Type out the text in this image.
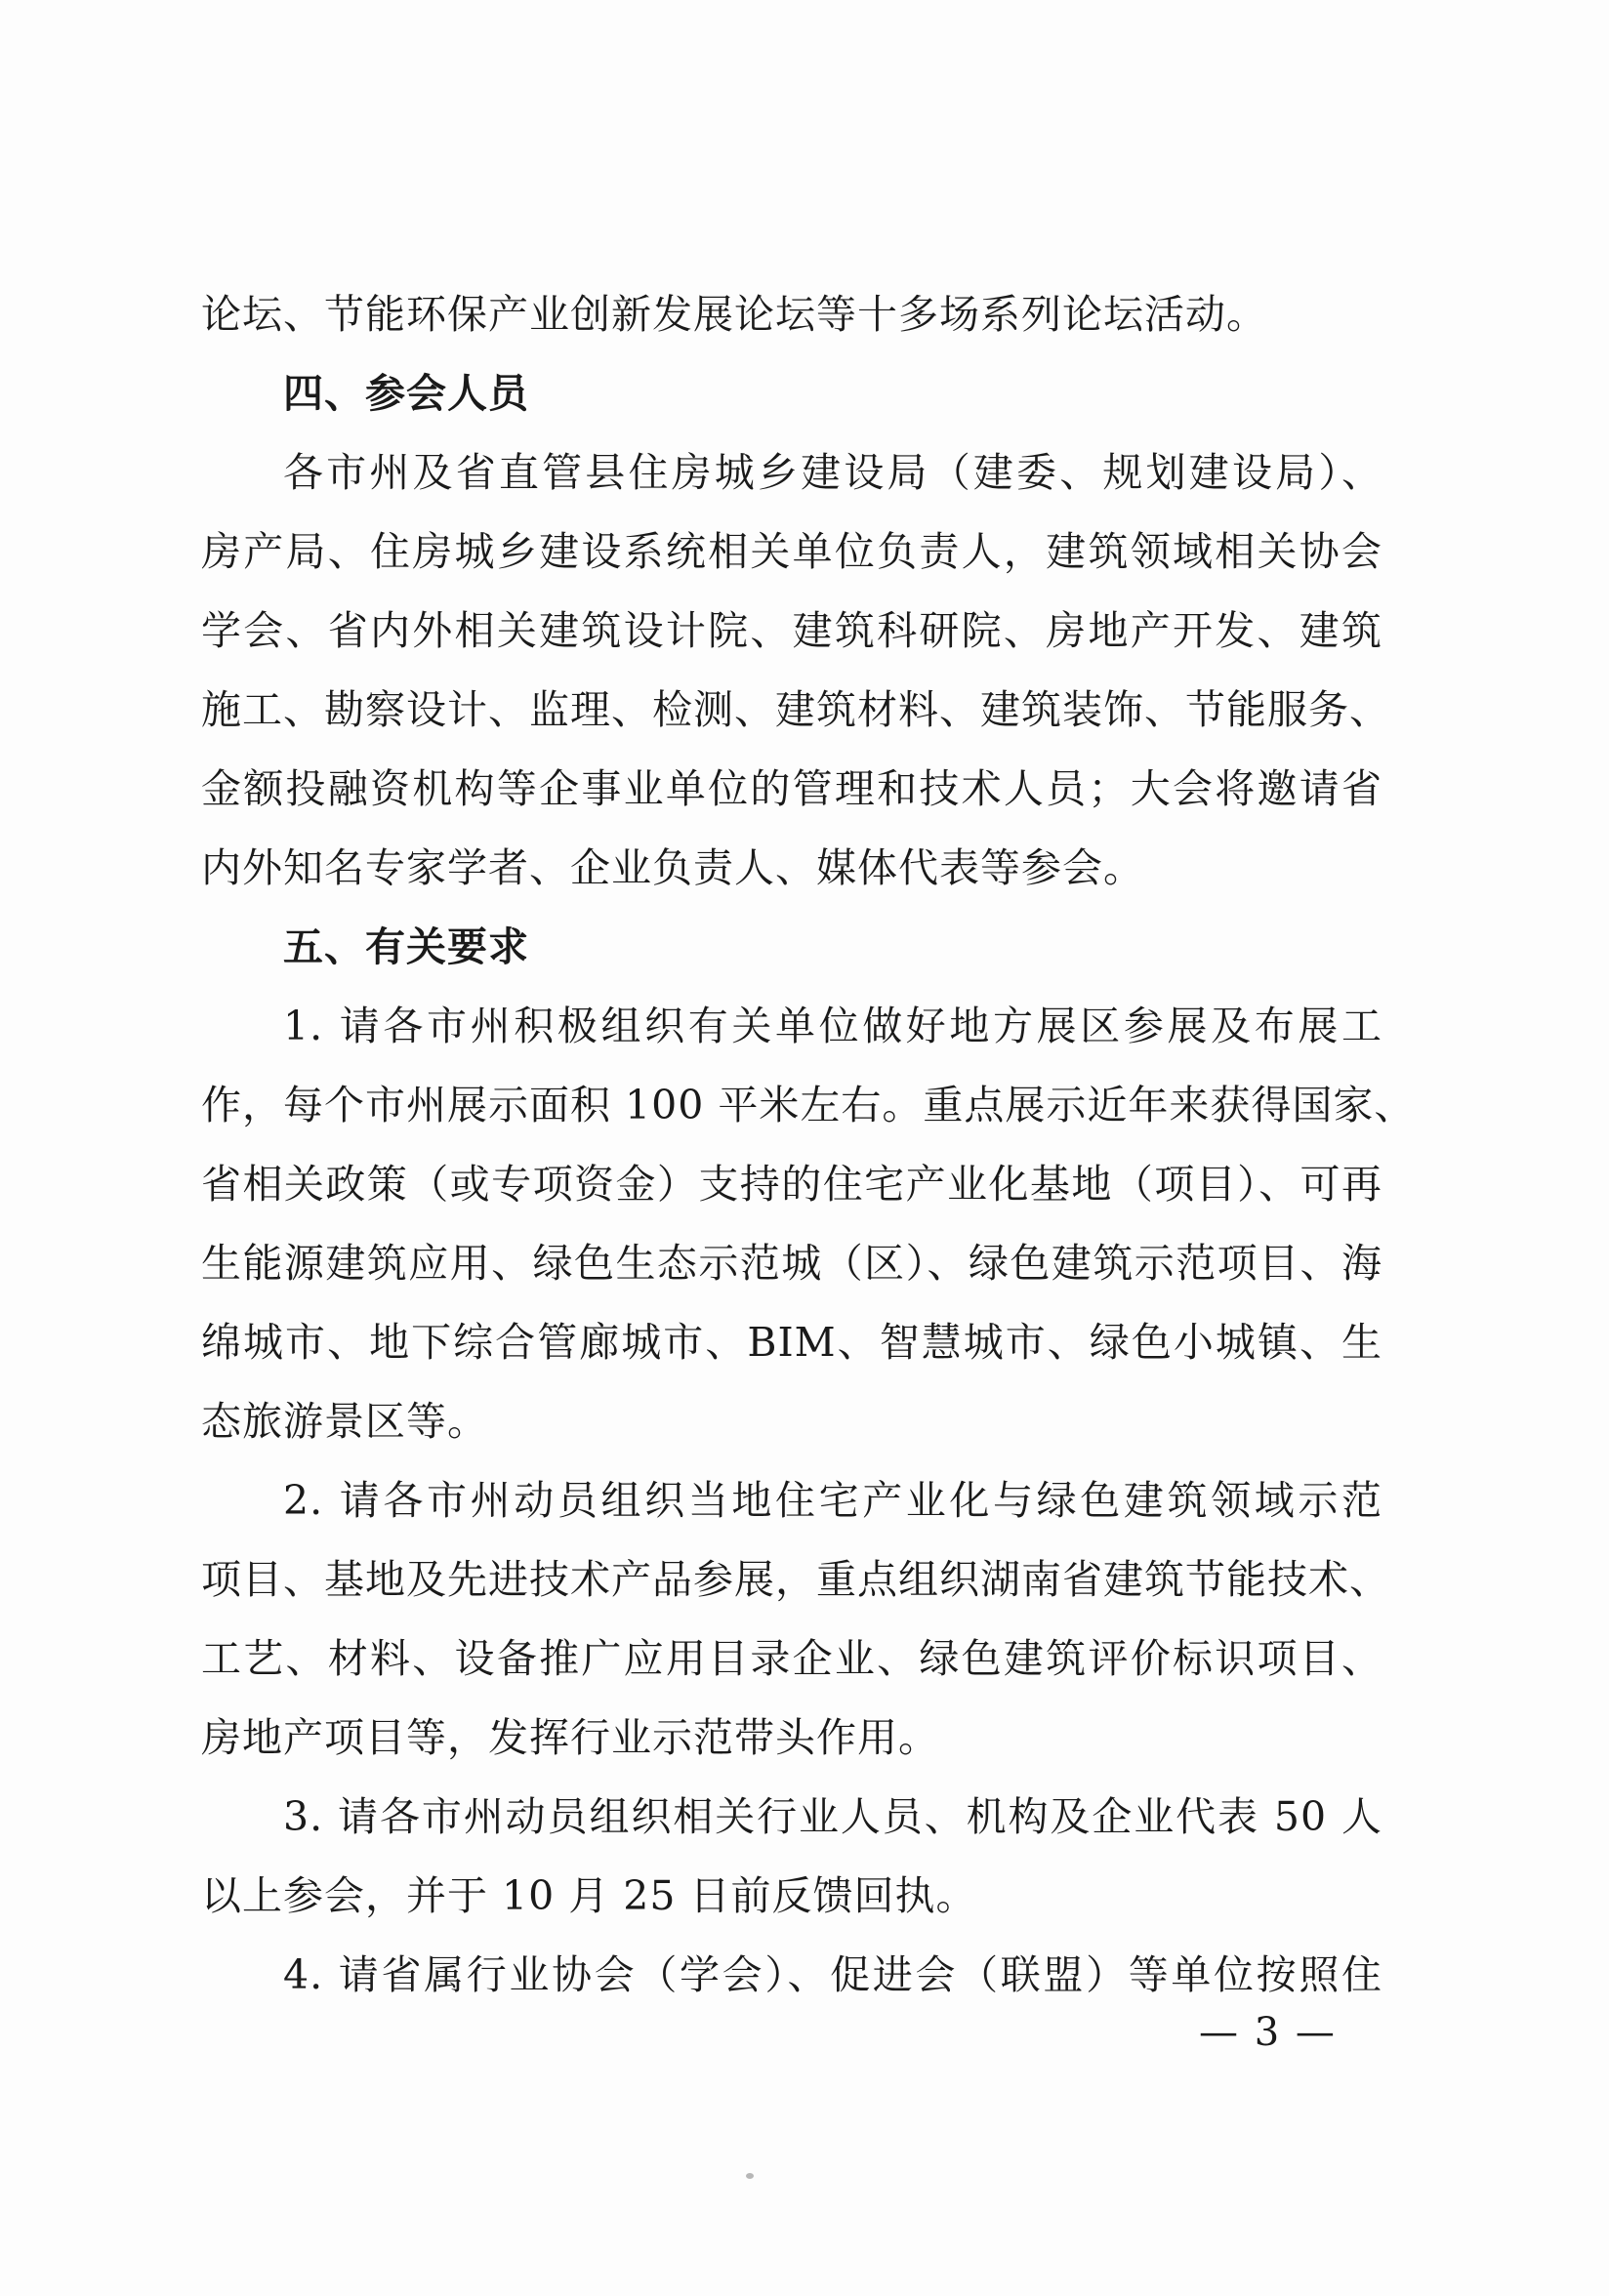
论坛、节能环保产业创新发展论坛等十多场系列论坛活动。

四、参会人员

各市州及省直管县住房城乡建设局（建委、规划建设局）、

房产局、住房城乡建设系统相关单位负责人，建筑领域相关协会

学会、省内外相关建筑设计院、建筑科研院、房地产开发、建筑

施工、勘察设计、监理、检测、建筑材料、建筑装饰、节能服务、

金额投融资机构等企事业单位的管理和技术人员；大会将邀请省

内外知名专家学者、企业负责人、媒体代表等参会。

五、有关要求

1. 请各市州积极组织有关单位做好地方展区参展及布展工

作，每个市州展示面积 100 平米左右。重点展示近年来获得国家、

省相关政策（或专项资金）支持的住宅产业化基地（项目）、可再

生能源建筑应用、绿色生态示范城（区）、绿色建筑示范项目、海

绵城市、地下综合管廊城市、BIM、智慧城市、绿色小城镇、生

态旅游景区等。

2. 请各市州动员组织当地住宅产业化与绿色建筑领域示范

项目、基地及先进技术产品参展，重点组织湖南省建筑节能技术、

工艺、材料、设备推广应用目录企业、绿色建筑评价标识项目、

房地产项目等，发挥行业示范带头作用。

3. 请各市州动员组织相关行业人员、机构及企业代表 50 人

以上参会，并于 10 月 25 日前反馈回执。

4. 请省属行业协会（学会）、促进会（联盟）等单位按照住

— 3 —
